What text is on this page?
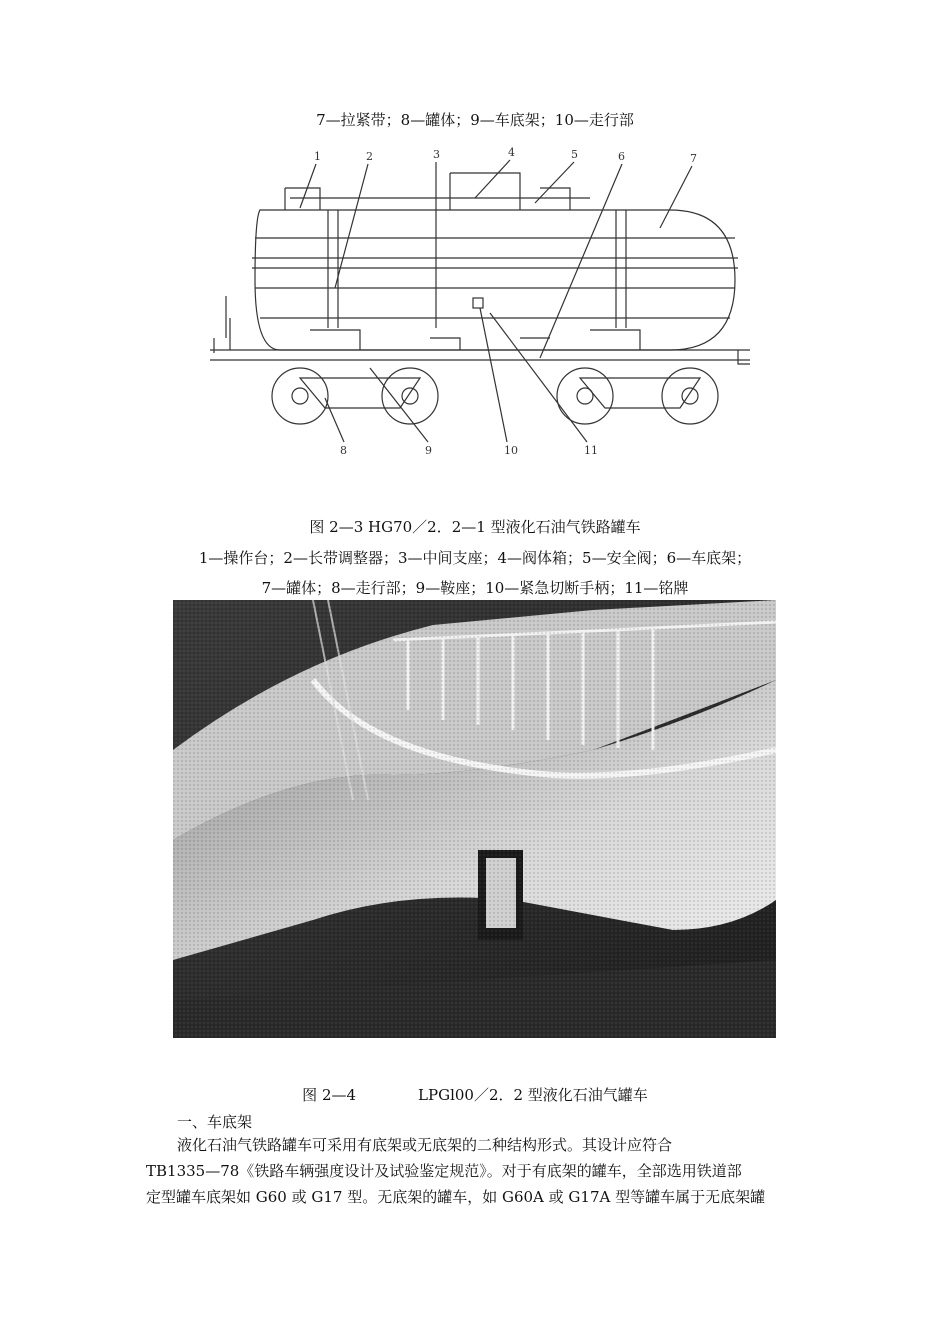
7—拉紧带；8—罐体；9—车底架；10—走行部
1	2	3	4	5	6	7
8	9	10	11
图 2—3 HG70／2．2—1 型液化石油气铁路罐车
1—操作台；2—长带调整器；3—中间支座；4—阀体箱；5—安全阀；6—车底架；
7—罐体；8—走行部；9—鞍座；10—紧急切断手柄；11—铭牌
图 2—4	LPGl00／2．2 型液化石油气罐车
一、车底架
液化石油气铁路罐车可采用有底架或无底架的二种结构形式。其设计应符合
TB1335—78《铁路车辆强度设计及试验鉴定规范》。对于有底架的罐车，全部选用铁道部
定型罐车底架如 G60 或 G17 型。无底架的罐车，如 G60A 或 G17A 型等罐车属于无底架罐
